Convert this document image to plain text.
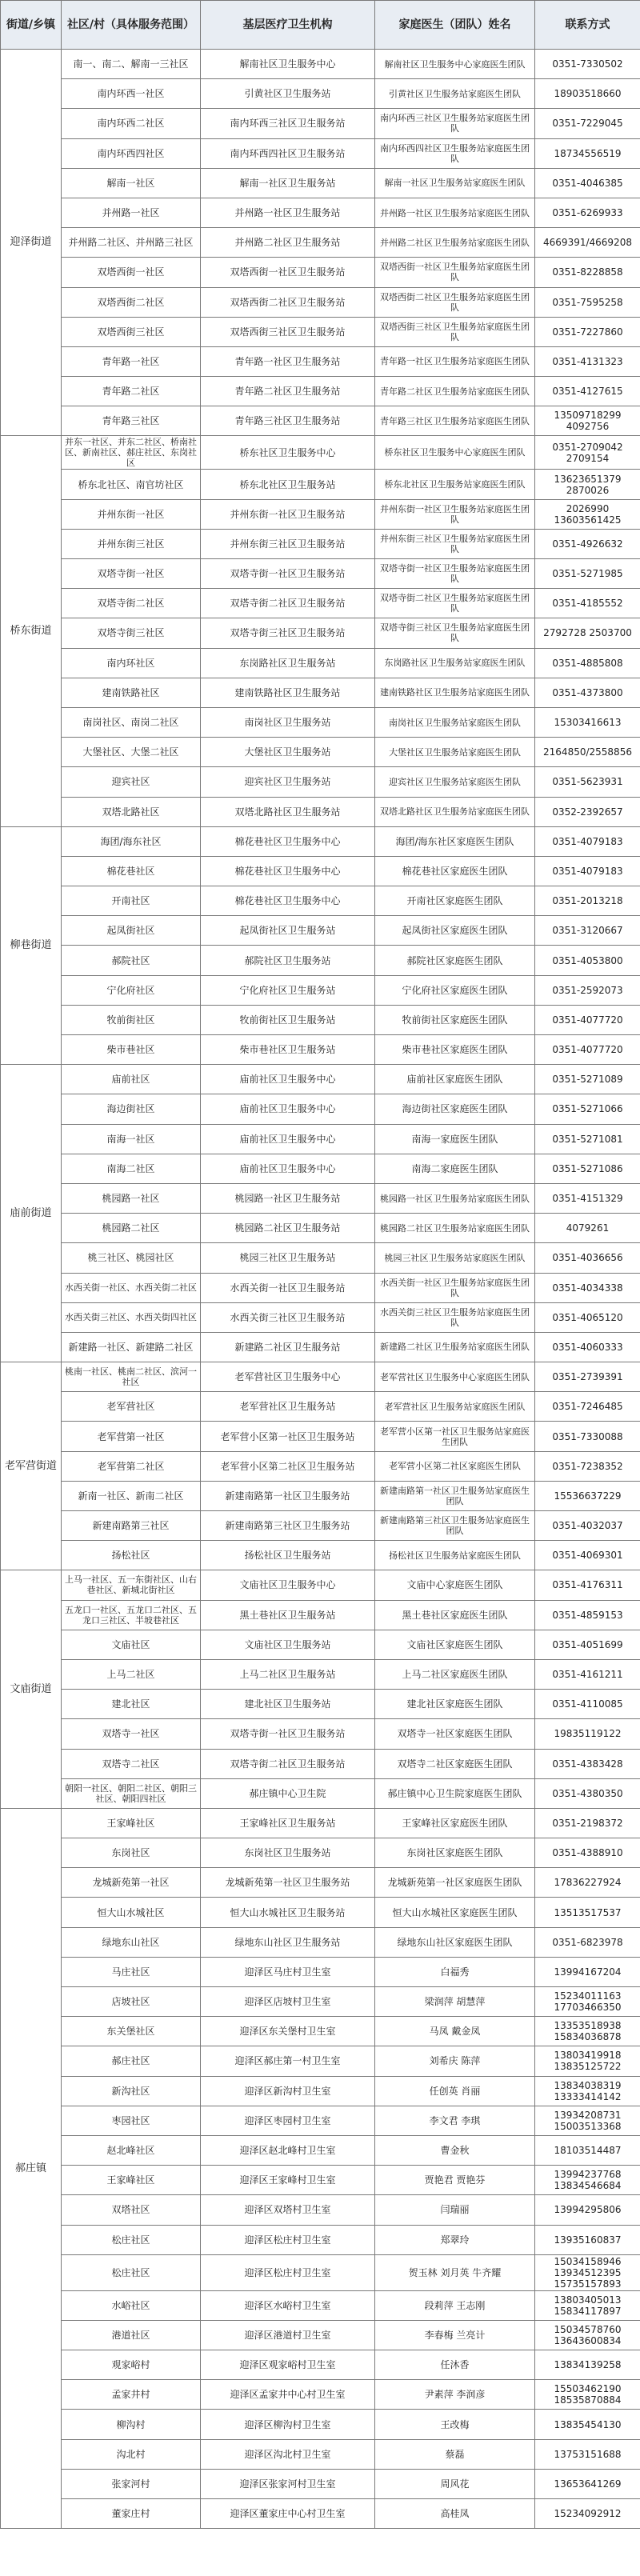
街道/乡镇	社区/村（具体服务范围）	基层医疗卫生机构	家庭医生（团队）姓名	联系方式
迎泽街道	南一、南二、解南一三社区	解南社区卫生服务中心	解南社区卫生服务中心家庭医生团队	0351-7330502
	南内环西一社区	引黄社区卫生服务站	引黄社区卫生服务站家庭医生团队	18903518660
	南内环西二社区	南内环西三社区卫生服务站	南内环西三社区卫生服务站家庭医生团队	0351-7229045
	南内环西四社区	南内环西四社区卫生服务站	南内环西四社区卫生服务站家庭医生团队	18734556519
	解南一社区	解南一社区卫生服务站	解南一社区卫生服务站家庭医生团队	0351-4046385
	并州路一社区	并州路一社区卫生服务站	并州路一社区卫生服务站家庭医生团队	0351-6269933
	并州路二社区、并州路三社区	并州路二社区卫生服务站	并州路二社区卫生服务站家庭医生团队	4669391/4669208
	双塔西街一社区	双塔西街一社区卫生服务站	双塔西街一社区卫生服务站家庭医生团队	0351-8228858
	双塔西街二社区	双塔西街二社区卫生服务站	双塔西街二社区卫生服务站家庭医生团队	0351-7595258
	双塔西街三社区	双塔西街三社区卫生服务站	双塔西街三社区卫生服务站家庭医生团队	0351-7227860
	青年路一社区	青年路一社区卫生服务站	青年路一社区卫生服务站家庭医生团队	0351-4131323
	青年路二社区	青年路二社区卫生服务站	青年路二社区卫生服务站家庭医生团队	0351-4127615
	青年路三社区	青年路三社区卫生服务站	青年路三社区卫生服务站家庭医生团队	13509718299 4092756
桥东街道	并东一社区、并东二社区、桥南社区、新南社区、郝庄社区、东岗社区	桥东社区卫生服务中心	桥东社区卫生服务中心家庭医生团队	0351-2709042 2709154
	桥东北社区、南官坊社区	桥东北社区卫生服务站	桥东北社区卫生服务站家庭医生团队	13623651379 2870026
	并州东街一社区	并州东街一社区卫生服务站	并州东街一社区卫生服务站家庭医生团队	2026990 13603561425
	并州东街三社区	并州东街三社区卫生服务站	并州东街三社区卫生服务站家庭医生团队	0351-4926632
	双塔寺街一社区	双塔寺街一社区卫生服务站	双塔寺街一社区卫生服务站家庭医生团队	0351-5271985
	双塔寺街二社区	双塔寺街二社区卫生服务站	双塔寺街二社区卫生服务站家庭医生团队	0351-4185552
	双塔寺街三社区	双塔寺街三社区卫生服务站	双塔寺街三社区卫生服务站家庭医生团队	2792728 2503700
	南内环社区	东岗路社区卫生服务站	东岗路社区卫生服务站家庭医生团队	0351-4885808
	建南铁路社区	建南铁路社区卫生服务站	建南铁路社区卫生服务站家庭医生团队	0351-4373800
	南岗社区、南岗二社区	南岗社区卫生服务站	南岗社区卫生服务站家庭医生团队	15303416613
	大堡社区、大堡二社区	大堡社区卫生服务站	大堡社区卫生服务站家庭医生团队	2164850/2558856
	迎宾社区	迎宾社区卫生服务站	迎宾社区卫生服务站家庭医生团队	0351-5623931
	双塔北路社区	双塔北路社区卫生服务站	双塔北路社区卫生服务站家庭医生团队	0352-2392657
柳巷街道	海团/海东社区	棉花巷社区卫生服务中心	海团/海东社区家庭医生团队	0351-4079183
	棉花巷社区	棉花巷社区卫生服务中心	棉花巷社区家庭医生团队	0351-4079183
	开南社区	棉花巷社区卫生服务中心	开南社区家庭医生团队	0351-2013218
	起凤街社区	起凤街社区卫生服务站	起凤街社区家庭医生团队	0351-3120667
	郝院社区	郝院社区卫生服务站	郝院社区家庭医生团队	0351-4053800
	宁化府社区	宁化府社区卫生服务站	宁化府社区家庭医生团队	0351-2592073
	牧前街社区	牧前街社区卫生服务站	牧前街社区家庭医生团队	0351-4077720
	柴市巷社区	柴市巷社区卫生服务站	柴市巷社区家庭医生团队	0351-4077720
庙前街道	庙前社区	庙前社区卫生服务中心	庙前社区家庭医生团队	0351-5271089
	海边街社区	庙前社区卫生服务中心	海边街社区家庭医生团队	0351-5271066
	南海一社区	庙前社区卫生服务中心	南海一家庭医生团队	0351-5271081
	南海二社区	庙前社区卫生服务中心	南海二家庭医生团队	0351-5271086
	桃园路一社区	桃园路一社区卫生服务站	桃园路一社区卫生服务站家庭医生团队	0351-4151329
	桃园路二社区	桃园路二社区卫生服务站	桃园路二社区卫生服务站家庭医生团队	4079261
	桃三社区、桃园社区	桃园三社区卫生服务站	桃园三社区卫生服务站家庭医生团队	0351-4036656
	水西关街一社区、水西关街二社区	水西关街一社区卫生服务站	水西关街一社区卫生服务站家庭医生团队	0351-4034338
	水西关街三社区、水西关街四社区	水西关街三社区卫生服务站	水西关街三社区卫生服务站家庭医生团队	0351-4065120
	新建路一社区、新建路二社区	新建路二社区卫生服务站	新建路二社区卫生服务站家庭医生团队	0351-4060333
老军营街道	桃南一社区、桃南二社区、滨河一社区	老军营社区卫生服务中心	老军营社区卫生服务中心家庭医生团队	0351-2739391
	老军营社区	老军营社区卫生服务站	老军营社区卫生服务站家庭医生团队	0351-7246485
	老军营第一社区	老军营小区第一社区卫生服务站	老军营小区第一社区卫生服务站家庭医生团队	0351-7330088
	老军营第二社区	老军营小区第二社区卫生服务站	老军营小区第二社区家庭医生团队	0351-7238352
	新南一社区、新南二社区	新建南路第一社区卫生服务站	新建南路第一社区卫生服务站家庭医生团队	15536637229
	新建南路第三社区	新建南路第三社区卫生服务站	新建南路第三社区卫生服务站家庭医生团队	0351-4032037
	扬松社区	扬松社区卫生服务站	扬松社区卫生服务站家庭医生团队	0351-4069301
文庙街道	上马一社区、五一东街社区、山右巷社区、新城北街社区	文庙社区卫生服务中心	文庙中心家庭医生团队	0351-4176311
	五龙口一社区、五龙口二社区、五龙口三社区、半坡巷社区	黑土巷社区卫生服务站	黑土巷社区家庭医生团队	0351-4859153
	文庙社区	文庙社区卫生服务站	文庙社区家庭医生团队	0351-4051699
	上马二社区	上马二社区卫生服务站	上马二社区家庭医生团队	0351-4161211
	建北社区	建北社区卫生服务站	建北社区家庭医生团队	0351-4110085
	双塔寺一社区	双塔寺街一社区卫生服务站	双塔寺一社区家庭医生团队	19835119122
	双塔寺二社区	双塔寺街二社区卫生服务站	双塔寺二社区家庭医生团队	0351-4383428
	朝阳一社区、朝阳二社区、朝阳三社区、朝阳四社区	郝庄镇中心卫生院	郝庄镇中心卫生院家庭医生团队	0351-4380350
郝庄镇	王家峰社区	王家峰社区卫生服务站	王家峰社区家庭医生团队	0351-2198372
	东岗社区	东岗社区卫生服务站	东岗社区家庭医生团队	0351-4388910
	龙城新苑第一社区	龙城新苑第一社区卫生服务站	龙城新苑第一社区家庭医生团队	17836227924
	恒大山水城社区	恒大山水城社区卫生服务站	恒大山水城社区家庭医生团队	13513517537
	绿地东山社区	绿地东山社区卫生服务站	绿地东山社区家庭医生团队	0351-6823978
	马庄社区	迎泽区马庄村卫生室	白福秀	13994167204
	店坡社区	迎泽区店坡村卫生室	梁润萍 胡慧萍	15234011163 17703466350
	东关堡社区	迎泽区东关堡村卫生室	马凤 戴金凤	13353518938 15834036878
	郝庄社区	迎泽区郝庄第一村卫生室	刘希庆 陈萍	13803419918 13835125722
	新沟社区	迎泽区新沟村卫生室	任创英 肖丽	13834038319 13333414142
	枣园社区	迎泽区枣园村卫生室	李文君 李琪	13934208731 15003513368
	赵北峰社区	迎泽区赵北峰村卫生室	曹金秋	18103514487
	王家峰社区	迎泽区王家峰村卫生室	贾艳君 贾艳芬	13994237768 13834546684
	双塔社区	迎泽区双塔村卫生室	闫瑞丽	13994295806
	松庄社区	迎泽区松庄村卫生室	郑翠玲	13935160837
	松庄社区	迎泽区松庄村卫生室	贺玉林 刘月英 牛齐耀	15034158946 13934512395 15735157893
	水峪社区	迎泽区水峪村卫生室	段莉萍 王志刚	13803405013 15834117897
	港道社区	迎泽区港道村卫生室	李春梅 兰亮计	15034578760 13643600834
	观家峪村	迎泽区观家峪村卫生室	任沐香	13834139258
	孟家井村	迎泽区孟家井中心村卫生室	尹素萍 李润彦	15503462190 18535870884
	柳沟村	迎泽区柳沟村卫生室	王改梅	13835454130
	沟北村	迎泽区沟北村卫生室	蔡磊	13753151688
	张家河村	迎泽区张家河村卫生室	周风花	13653641269
	董家庄村	迎泽区董家庄中心村卫生室	高桂凤	15234092912
